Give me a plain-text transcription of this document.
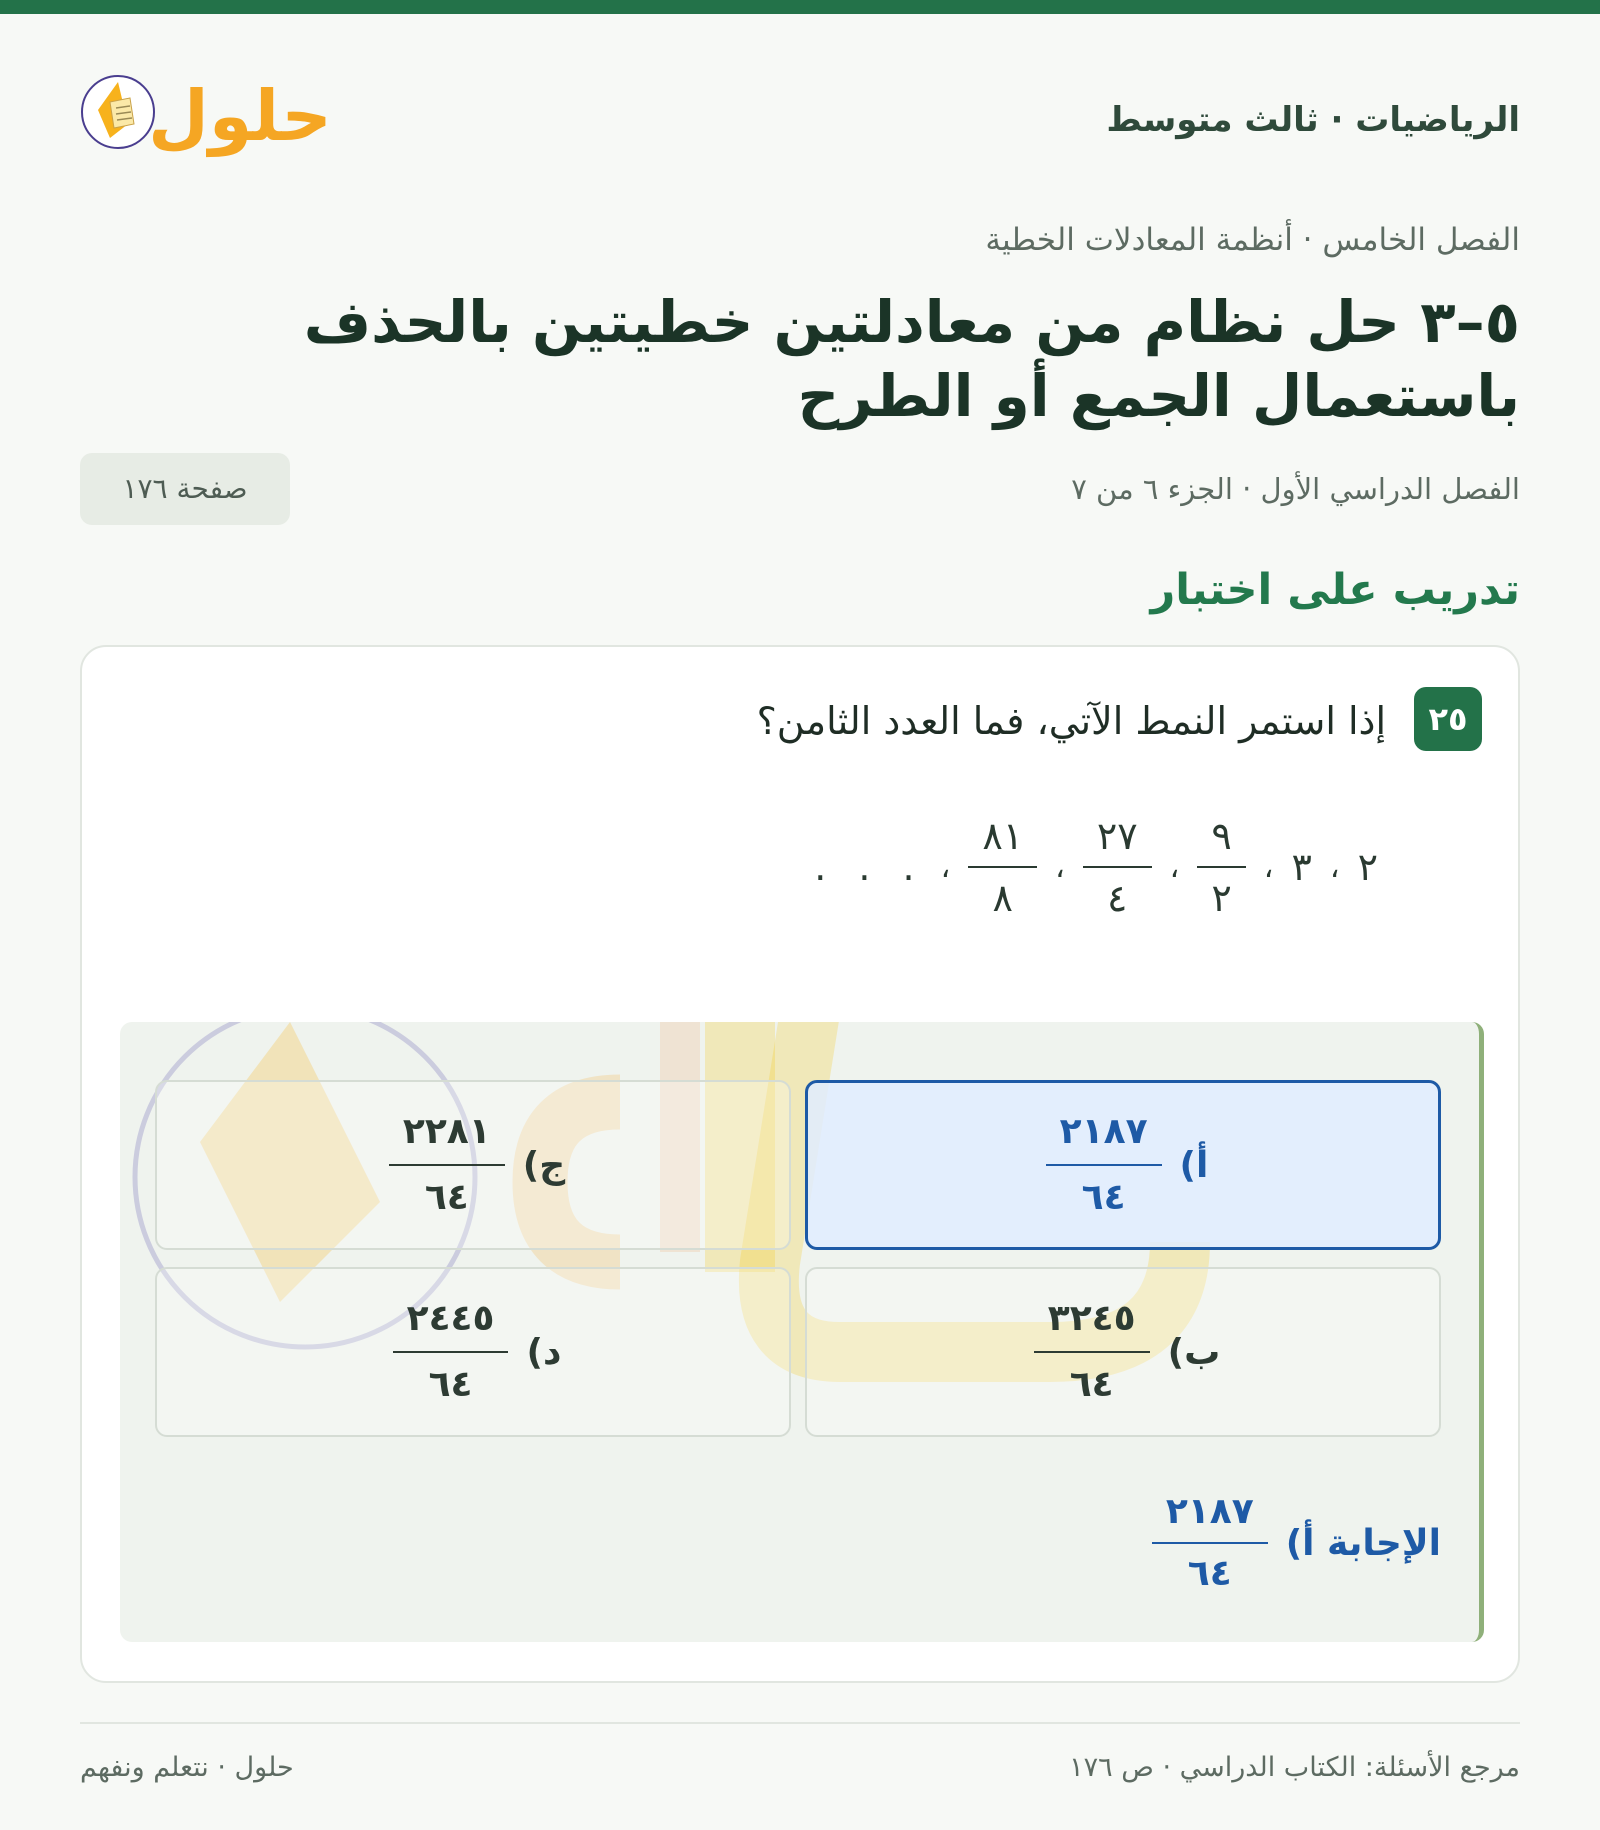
الرياضيات · ثالث متوسط
حلول
الفصل الخامس · أنظمة المعادلات الخطية
٥–٣ حل نظام من معادلتين خطيتين بالحذف باستعمال الجمع أو الطرح
الفصل الدراسي الأول · الجزء ٦ من ٧
صفحة ١٧٦
تدريب على اختبار
٢٥
إذا استمر النمط الآتي، فما العدد الثامن؟
٢
،
٣
،
$\frac{٩}{٢}$
،
$\frac{٢٧}{٤}$
،
$\frac{٨١}{٨}$
،
. . .
أ)
$\frac{٢١٨٧}{٦٤}$
ج)
$\frac{٢٢٨١}{٦٤}$
ب)
$\frac{٣٢٤٥}{٦٤}$
د)
$\frac{٢٤٤٥}{٦٤}$
الإجابة أ)
$\frac{٢١٨٧}{٦٤}$
مرجع الأسئلة: الكتاب الدراسي · ص ١٧٦
حلول · نتعلم ونفهم
